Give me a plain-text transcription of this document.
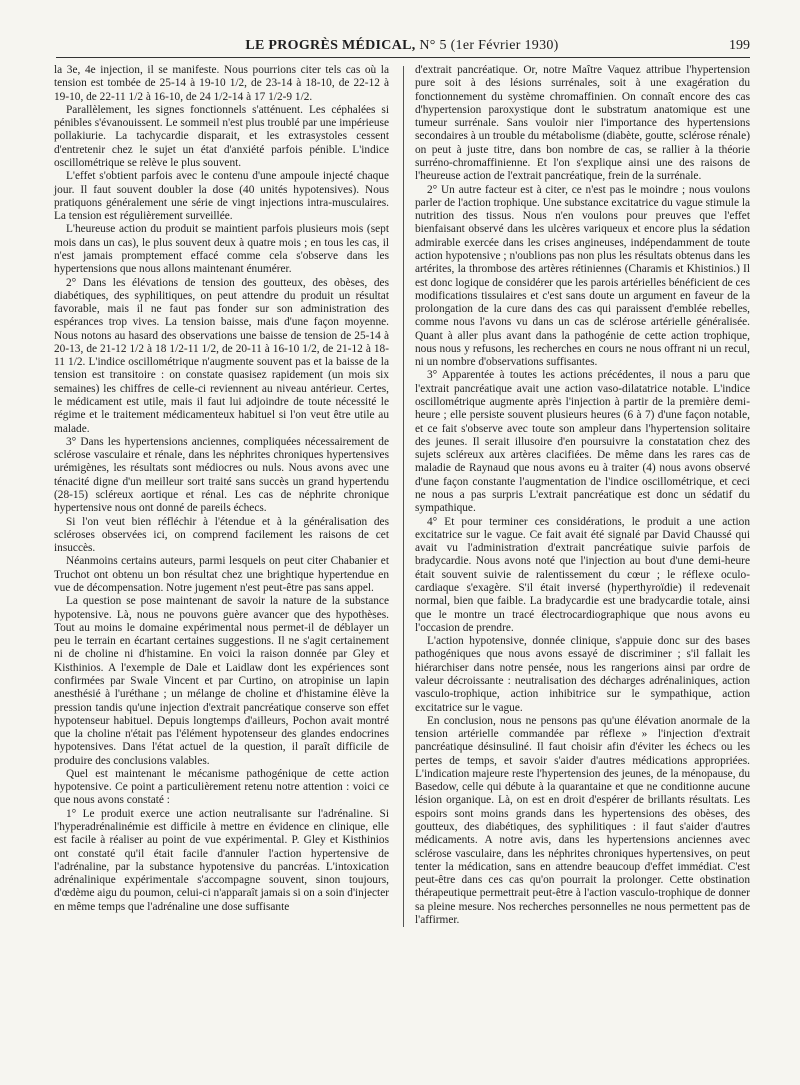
LE PROGRÈS MÉDICAL, N° 5 (1er Février 1930)	199

la 3e, 4e injection, il se manifeste. Nous pourrions citer tels cas où la tension est tombée de 25-14 à 19-10 1/2, de 23-14 à 18-10, de 22-12 à 19-10, de 22-11 1/2 à 16-10, de 24 1/2-14 à 17 1/2-9 1/2.

Parallèlement, les signes fonctionnels s'atténuent. Les céphalées si pénibles s'évanouissent. Le sommeil n'est plus troublé par une impérieuse pollakiurie. La tachycardie disparait, et les extrasystoles cessent d'entretenir chez le sujet un état d'anxiété parfois pénible. L'indice oscillométrique se relève le plus souvent.

L'effet s'obtient parfois avec le contenu d'une ampoule injecté chaque jour. Il faut souvent doubler la dose (40 unités hypotensives). Nous pratiquons généralement une série de vingt injections intra-musculaires. La tension est régulièrement surveillée.

L'heureuse action du produit se maintient parfois plusieurs mois (sept mois dans un cas), le plus souvent deux à quatre mois ; en tous les cas, il n'est jamais promptement effacé comme cela s'observe dans les hypertensions que nous allons maintenant énumérer.

2° Dans les élévations de tension des goutteux, des obèses, des diabétiques, des syphilitiques, on peut attendre du produit un résultat favorable, mais il ne faut pas fonder sur son administration des espérances trop vives. La tension baisse, mais d'une façon moyenne. Nous notons au hasard des observations une baisse de tension de 25-14 à 20-13, de 21-12 1/2 à 18 1/2-11 1/2, de 20-11 à 16-10 1/2, de 21-12 à 18-11 1/2. L'indice oscillométrique n'augmente souvent pas et la baisse de la tension est transitoire : on constate quasisez rapidement (un mois six semaines) les chiffres de celle-ci reviennent au niveau antérieur. Certes, le médicament est utile, mais il faut lui adjoindre de toute nécessité le régime et le traitement médicamenteux habituel si l'on veut être utile au malade.

3° Dans les hypertensions anciennes, compliquées nécessairement de sclérose vasculaire et rénale, dans les néphrites chroniques hypertensives urémigènes, les résultats sont médiocres ou nuls. Nous avons avec une ténacité digne d'un meilleur sort traité sans succès un grand hypertendu (28-15) scléreux aortique et rénal. Les cas de néphrite chronique hypertensive nous ont donné de pareils échecs.

Si l'on veut bien réfléchir à l'étendue et à la généralisation des scléroses observées ici, on comprend facilement les raisons de cet insuccès.

Néanmoins certains auteurs, parmi lesquels on peut citer Chabanier et Truchot ont obtenu un bon résultat chez une brightique hypertendue en vue de décompensation. Notre jugement n'est peut-être pas sans appel.

La question se pose maintenant de savoir la nature de la substance hypotensive. Là, nous ne pouvons guère avancer que des hypothèses. Tout au moins le domaine expérimental nous permet-il de déblayer un peu le terrain en écartant certaines suggestions. Il ne s'agit certainement ni de choline ni d'histamine. En voici la raison donnée par Gley et Kisthinios. A l'exemple de Dale et Laidlaw dont les expériences sont confirmées par Swale Vincent et par Curtino, on atropinise un lapin anesthésié à l'uréthane ; un mélange de choline et d'histamine élève la pression tandis qu'une injection d'extrait pancréatique conserve son effet hypotenseur habituel. Depuis longtemps d'ailleurs, Pochon avait montré que la choline n'était pas l'élément hypotenseur des glandes endocrines hypotensives. Dans l'état actuel de la question, il paraît difficile de produire des conclusions valables.

Quel est maintenant le mécanisme pathogénique de cette action hypotensive. Ce point a particulièrement retenu notre attention : voici ce que nous avons constaté :

1° Le produit exerce une action neutralisante sur l'adrénaline. Si l'hyperadrénalinémie est difficile à mettre en évidence en clinique, elle est facile à réaliser au point de vue expérimental. P. Gley et Kisthinios ont constaté qu'il était facile d'annuler l'action hypertensive de l'adrénaline, par la substance hypotensive du pancréas. L'intoxication adrénalinique expérimentale s'accompagne souvent, sinon toujours, d'œdème aigu du poumon, celui-ci n'apparaît jamais si on a soin d'injecter en même temps que l'adrénaline une dose suffisante

d'extrait pancréatique. Or, notre Maître Vaquez attribue l'hypertension pure soit à des lésions surrénales, soit à une exagération du fonctionnement du système chromaffinien. On connaît encore des cas d'hypertension paroxystique dont le substratum anatomique est une tumeur surrénale. Sans vouloir nier l'importance des hypertensions secondaires à un trouble du métabolisme (diabète, goutte, sclérose rénale) on peut à juste titre, dans bon nombre de cas, se rallier à la théorie surréno-chromaffinienne. Et l'on s'explique ainsi une des raisons de l'heureuse action de l'extrait pancréatique, frein de la surrénale.

2° Un autre facteur est à citer, ce n'est pas le moindre ; nous voulons parler de l'action trophique. Une substance excitatrice du vague stimule la nutrition des tissus. Nous n'en voulons pour preuves que l'effet bienfaisant observé dans les ulcères variqueux et encore plus la sédation admirable exercée dans les crises angineuses, indépendamment de toute action hypotensive ; n'oublions pas non plus les résultats obtenus dans les artérites, la thrombose des artères rétiniennes (Charamis et Khistinios.) Il est donc logique de considérer que les parois artérielles bénéficient de ces modifications tissulaires et c'est sans doute un argument en faveur de la prolongation de la cure dans des cas qui paraissent d'emblée rebelles, comme nous l'avons vu dans un cas de sclérose artérielle généralisée. Quant à aller plus avant dans la pathogénie de cette action trophique, nous nous y refusons, les recherches en cours ne nous offrant ni un recul, ni un nombre d'observations suffisantes.

3° Apparentée à toutes les actions précédentes, il nous a paru que l'extrait pancréatique avait une action vaso-dilatatrice notable. L'indice oscillométrique augmente après l'injection à partir de la première demi-heure ; elle persiste souvent plusieurs heures (6 à 7) d'une façon notable, et ce fait s'observe avec toute son ampleur dans l'hypertension solitaire des jeunes. Il serait illusoire d'en poursuivre la constatation chez des sujets scléreux aux artères clacifiées. De même dans les rares cas de maladie de Raynaud que nous avons eu à traiter (4) nous avons observé d'une façon constante l'augmentation de l'indice oscillométrique, et ceci ne nous a pas surpris L'extrait pancréatique est donc un sédatif du sympathique.

4° Et pour terminer ces considérations, le produit a une action excitatrice sur le vague. Ce fait avait été signalé par David Chaussé qui avait vu l'administration d'extrait pancréatique suivie parfois de bradycardie. Nous avons noté que l'injection au bout d'une demi-heure était souvent suivie de ralentissement du cœur ; le réflexe oculo-cardiaque s'exagère. S'il était inversé (hyperthyroïdie) il redevenait normal, bien que faible. La bradycardie est une bradycardie totale, ainsi que le montre un tracé électrocardiographique que nous avons eu l'occasion de prendre.

L'action hypotensive, donnée clinique, s'appuie donc sur des bases pathogéniques que nous avons essayé de discriminer ; s'il fallait les hiérarchiser dans notre pensée, nous les rangerions ainsi par ordre de valeur décroissante : neutralisation des décharges adrénaliniques, action vasculo-trophique, action inhibitrice sur le sympathique, action excitatrice sur le vague.

En conclusion, nous ne pensons pas qu'une élévation anormale de la tension artérielle commandée par réflexe » l'injection d'extrait pancréatique désinsuliné. Il faut choisir afin d'éviter les échecs ou les pertes de temps, et savoir s'aider d'autres médications appropriées. L'indication majeure reste l'hypertension des jeunes, de la ménopause, du Basedow, celle qui débute à la quarantaine et que ne conditionne aucune lésion organique. Là, on est en droit d'espérer de brillants résultats. Les espoirs sont moins grands dans les hypertensions des obèses, des goutteux, des diabétiques, des syphilitiques : il faut s'aider d'autres médicaments. A notre avis, dans les hypertensions anciennes avec sclérose vasculaire, dans les néphrites chroniques hypertensives, on peut tenter la médication, sans en attendre beaucoup d'effet immédiat. C'est peut-être dans ces cas qu'on pourrait la prolonger. Cette obstination thérapeutique permettrait peut-être à l'action vasculo-trophique de donner sa pleine mesure. Nos recherches personnelles ne nous permettent pas de l'affirmer.
